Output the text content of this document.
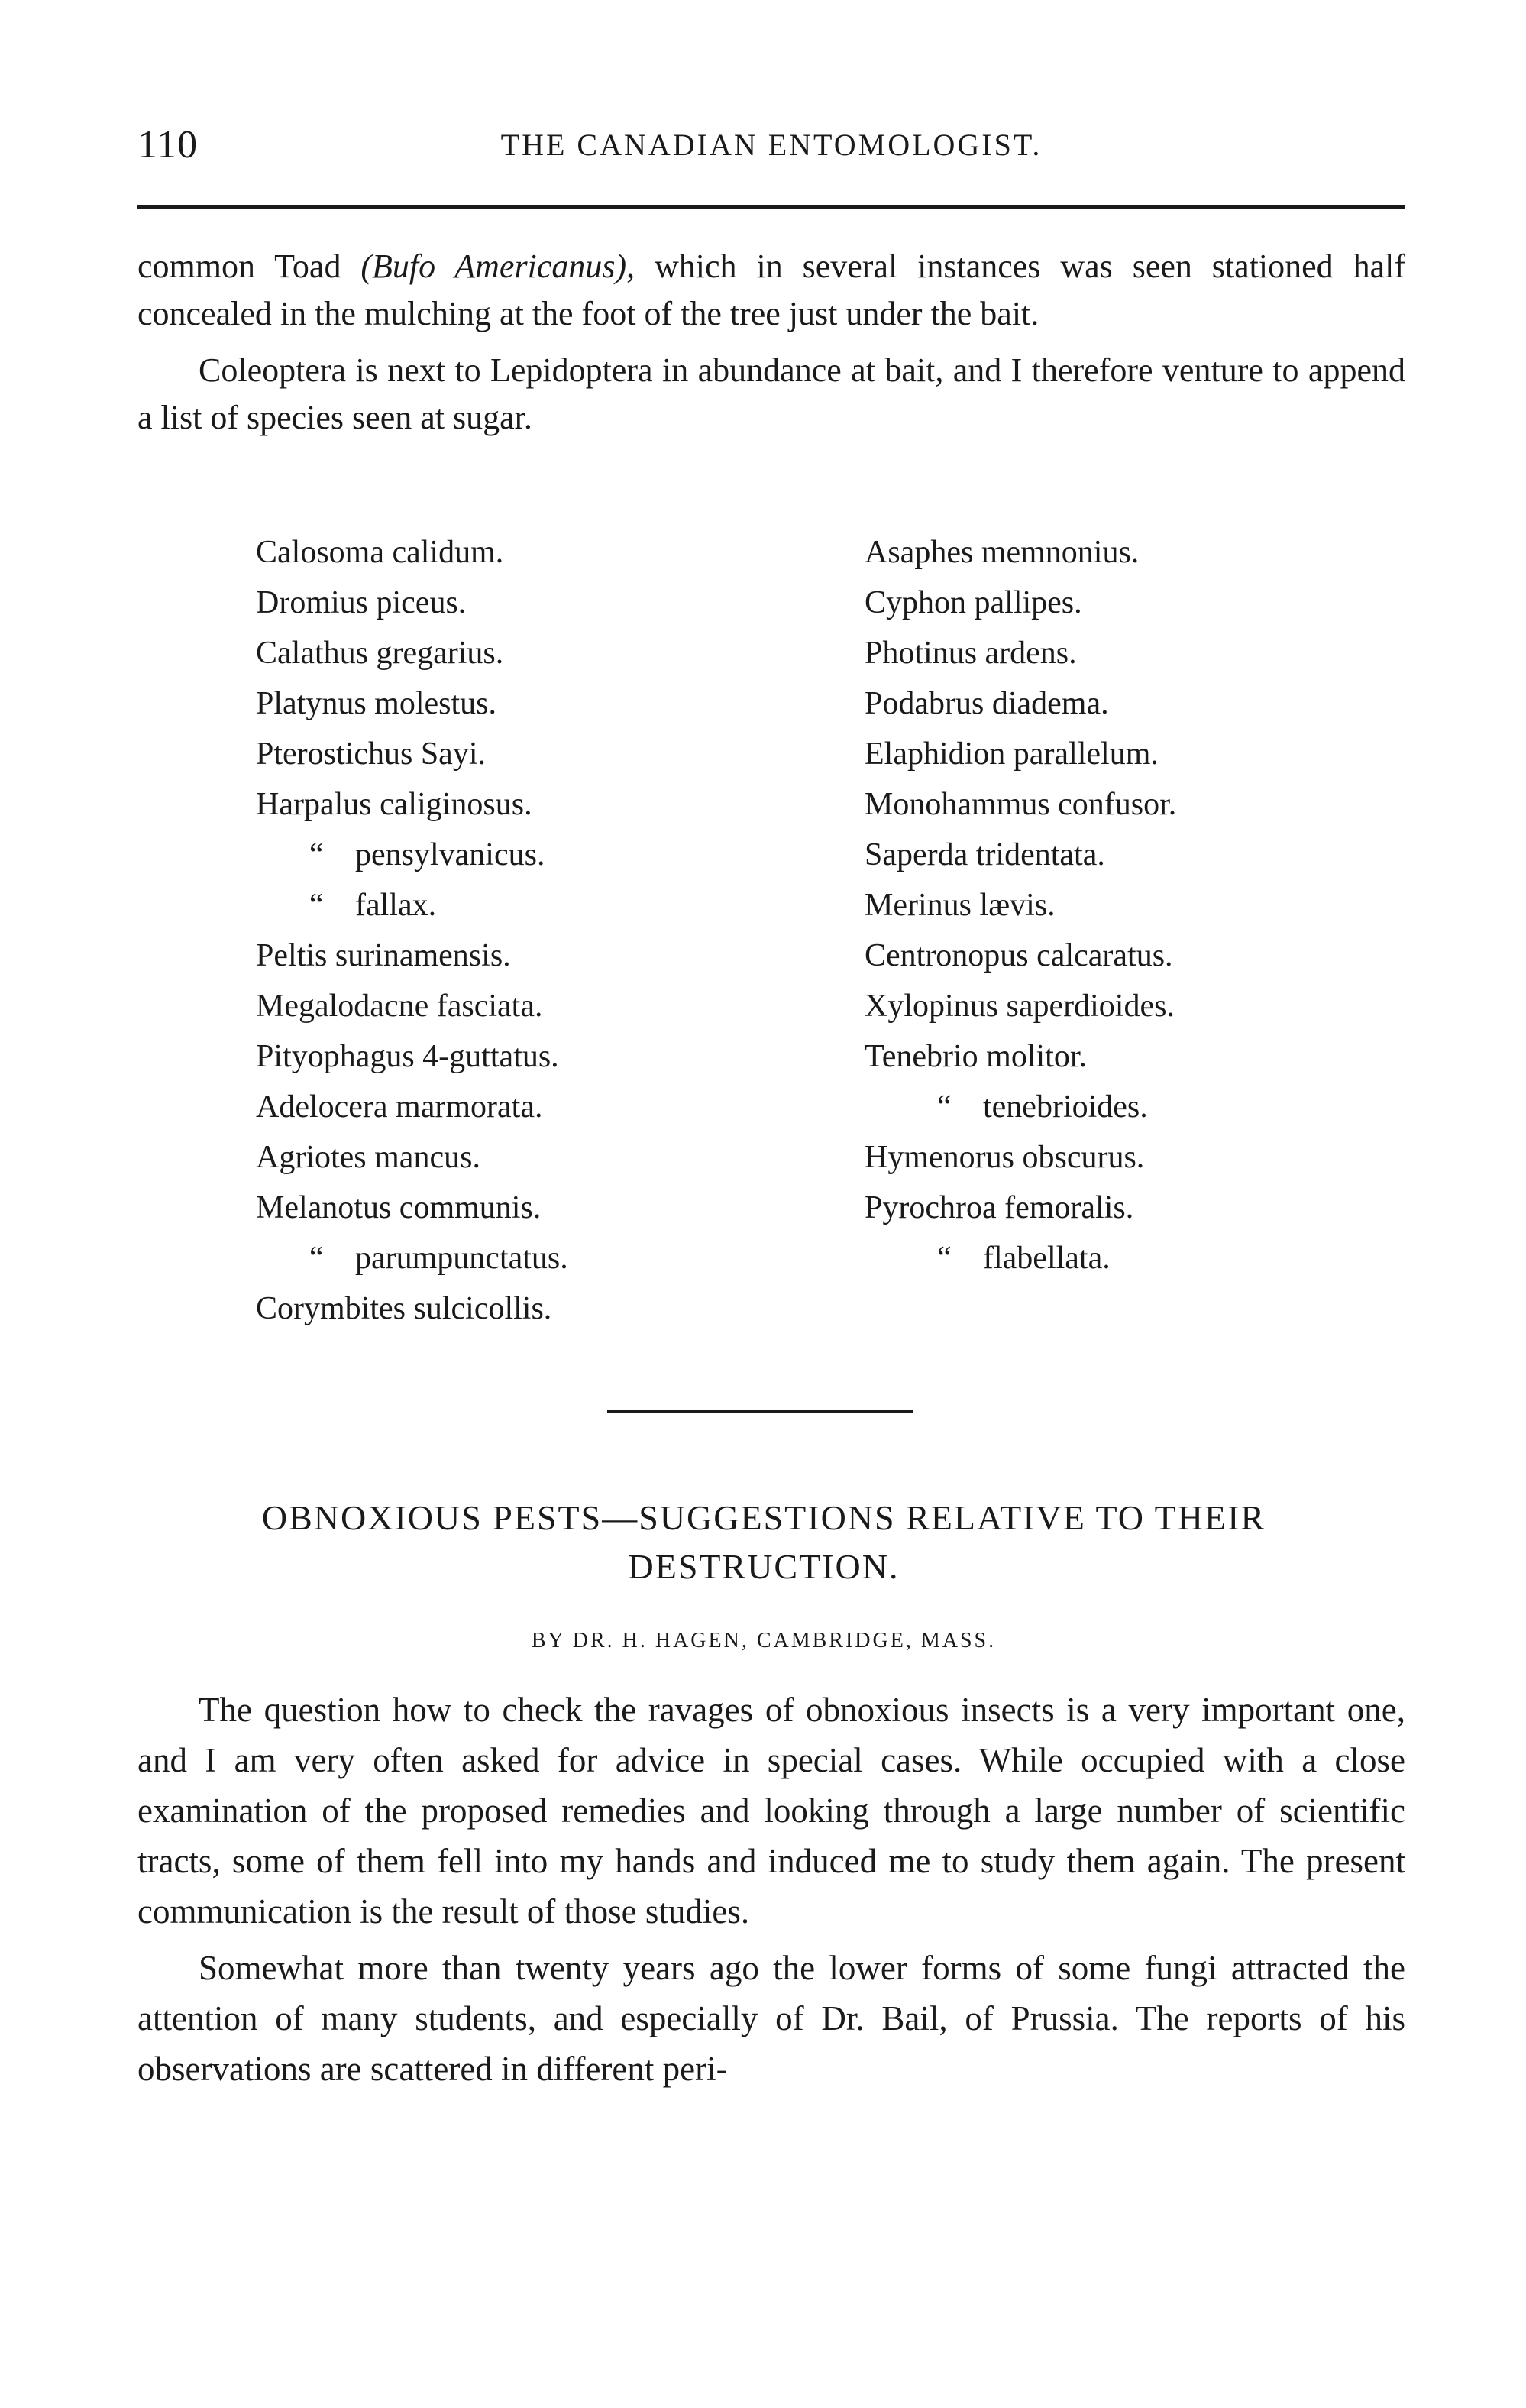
110	THE CANADIAN ENTOMOLOGIST.

common Toad (Bufo Americanus), which in several instances was seen stationed half concealed in the mulching at the foot of the tree just under the bait.

Coleoptera is next to Lepidoptera in abundance at bait, and I therefore venture to append a list of species seen at sugar.

Calosoma calidum.
Dromius piceus.
Calathus gregarius.
Platynus molestus.
Pterostichus Sayi.
Harpalus caliginosus.
“ pensylvanicus.
“ fallax.
Peltis surinamensis.
Megalodacne fasciata.
Pityophagus 4-guttatus.
Adelocera marmorata.
Agriotes mancus.
Melanotus communis.
“ parumpunctatus.
Corymbites sulcicollis.
Asaphes memnonius.
Cyphon pallipes.
Photinus ardens.
Podabrus diadema.
Elaphidion parallelum.
Monohammus confusor.
Saperda tridentata.
Merinus lævis.
Centronopus calcaratus.
Xylopinus saperdioides.
Tenebrio molitor.
“ tenebrioides.
Hymenorus obscurus.
Pyrochroa femoralis.
“ flabellata.
OBNOXIOUS PESTS—SUGGESTIONS RELATIVE TO THEIR
DESTRUCTION.
BY DR. H. HAGEN, CAMBRIDGE, MASS.

The question how to check the ravages of obnoxious insects is a very important one, and I am very often asked for advice in special cases. While occupied with a close examination of the proposed remedies and looking through a large number of scientific tracts, some of them fell into my hands and induced me to study them again. The present communication is the result of those studies.

Somewhat more than twenty years ago the lower forms of some fungi attracted the attention of many students, and especially of Dr. Bail, of Prussia. The reports of his observations are scattered in different peri-
